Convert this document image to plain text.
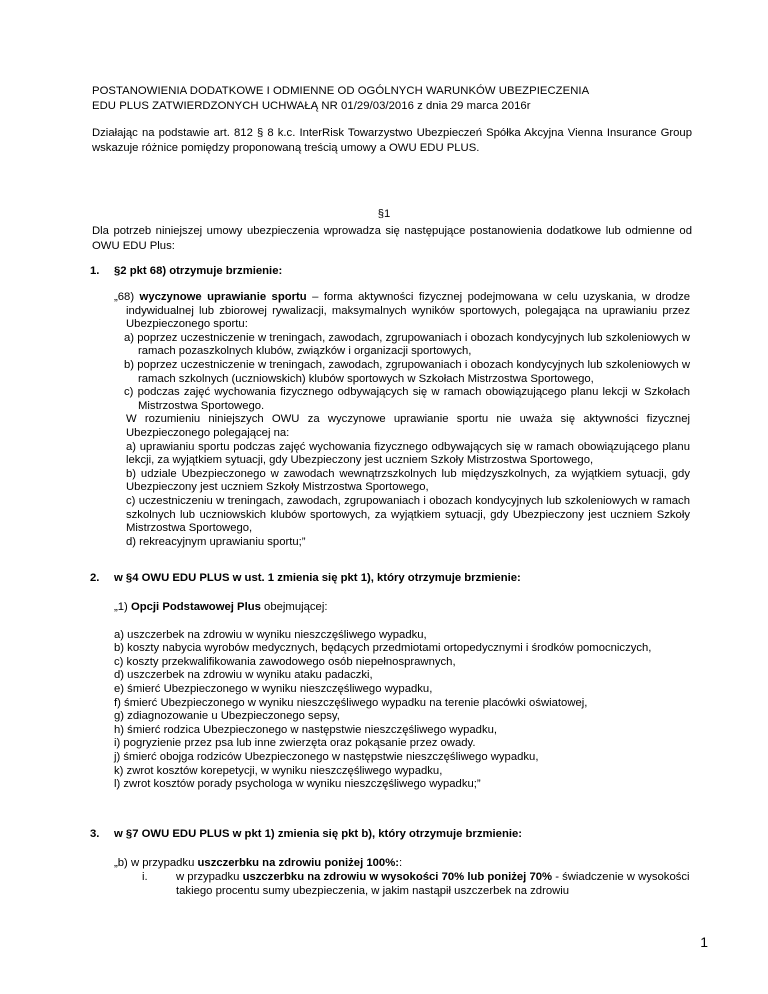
POSTANOWIENIA DODATKOWE I ODMIENNE OD OGÓLNYCH WARUNKÓW UBEZPIECZENIA
EDU PLUS ZATWIERDZONYCH UCHWAŁĄ NR 01/29/03/2016 z dnia 29 marca 2016r
Działając na podstawie art. 812 § 8 k.c. InterRisk Towarzystwo Ubezpieczeń Spółka Akcyjna Vienna Insurance Group wskazuje różnice pomiędzy proponowaną treścią umowy a OWU EDU PLUS.
§1
Dla potrzeb niniejszej umowy ubezpieczenia wprowadza się następujące postanowienia dodatkowe lub odmienne od OWU EDU Plus:
1. §2 pkt 68) otrzymuje brzmienie:

„68) wyczynowe uprawianie sportu – forma aktywności fizycznej podejmowana w celu uzyskania, w drodze indywidualnej lub zbiorowej rywalizacji, maksymalnych wyników sportowych, polegająca na uprawianiu przez Ubezpieczonego sportu:

a) poprzez uczestniczenie w treningach, zawodach, zgrupowaniach i obozach kondycyjnych lub szkoleniowych w ramach pozaszkolnych klubów, związków i organizacji sportowych,

b) poprzez uczestniczenie w treningach, zawodach, zgrupowaniach i obozach kondycyjnych lub szkoleniowych w ramach szkolnych (uczniowskich) klubów sportowych w Szkołach Mistrzostwa Sportowego,

c) podczas zajęć wychowania fizycznego odbywających się w ramach obowiązującego planu lekcji w Szkołach Mistrzostwa Sportowego.

W rozumieniu niniejszych OWU za wyczynowe uprawianie sportu nie uważa się aktywności fizycznej Ubezpieczonego polegającej na:

a) uprawianiu sportu podczas zajęć wychowania fizycznego odbywających się w ramach obowiązującego planu lekcji, za wyjątkiem sytuacji, gdy Ubezpieczony jest uczniem Szkoły Mistrzostwa Sportowego,

b) udziale Ubezpieczonego w zawodach wewnątrzszkolnych lub międzyszkolnych, za wyjątkiem sytuacji, gdy Ubezpieczony jest uczniem Szkoły Mistrzostwa Sportowego,

c) uczestniczeniu w treningach, zawodach, zgrupowaniach i obozach kondycyjnych lub szkoleniowych w ramach szkolnych lub uczniowskich klubów sportowych, za wyjątkiem sytuacji, gdy Ubezpieczony jest uczniem Szkoły Mistrzostwa Sportowego,

d) rekreacyjnym uprawianiu sportu;”

2. w §4 OWU EDU PLUS w ust. 1 zmienia się pkt 1), który otrzymuje brzmienie:

„1) Opcji Podstawowej Plus obejmującej:

a) uszczerbek na zdrowiu w wyniku nieszczęśliwego wypadku,

b) koszty nabycia wyrobów medycznych, będących przedmiotami ortopedycznymi i środków pomocniczych,

c) koszty przekwalifikowania zawodowego osób niepełnosprawnych,

d) uszczerbek na zdrowiu w wyniku ataku padaczki,

e) śmierć Ubezpieczonego w wyniku nieszczęśliwego wypadku,

f) śmierć Ubezpieczonego w wyniku nieszczęśliwego wypadku na terenie placówki oświatowej,

g) zdiagnozowanie u Ubezpieczonego sepsy,

h) śmierć rodzica Ubezpieczonego w następstwie nieszczęśliwego wypadku,

i) pogryzienie przez psa lub inne zwierzęta oraz pokąsanie przez owady.

j) śmierć obojga rodziców Ubezpieczonego w następstwie nieszczęśliwego wypadku,

k) zwrot kosztów korepetycji, w wyniku nieszczęśliwego wypadku,

l) zwrot kosztów porady psychologa w wyniku nieszczęśliwego wypadku;”

3. w §7 OWU EDU PLUS w pkt 1) zmienia się pkt b), który otrzymuje brzmienie:

„b) w przypadku uszczerbku na zdrowiu poniżej 100%::

i.	w przypadku uszczerbku na zdrowiu w wysokości 70% lub poniżej 70% - świadczenie w wysokości takiego procentu sumy ubezpieczenia, w jakim nastąpił uszczerbek na zdrowiu
1
